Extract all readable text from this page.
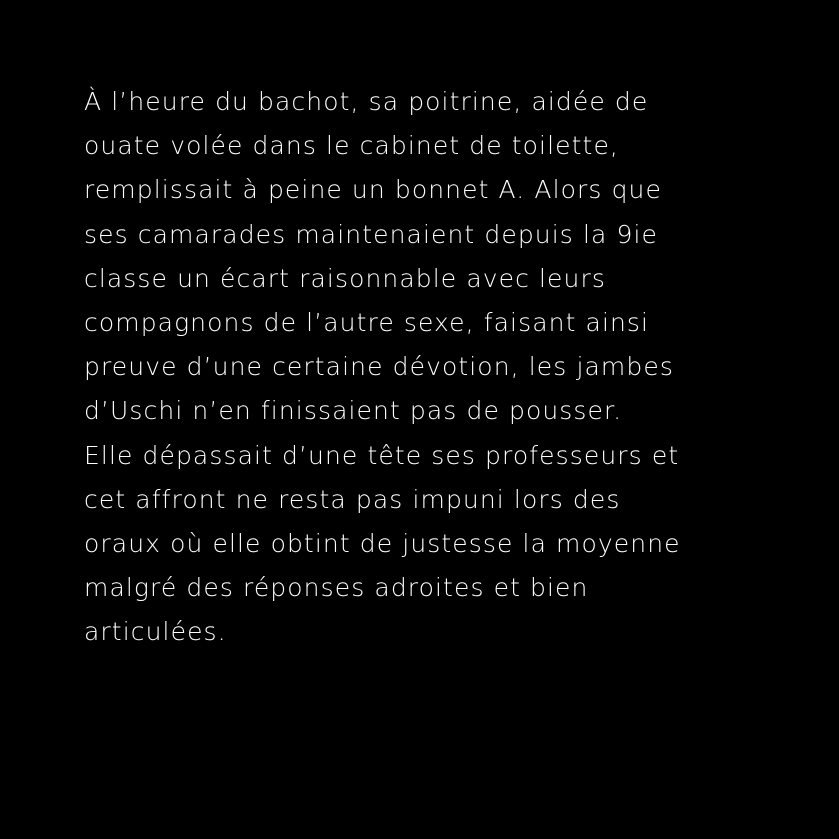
À l’heure du bachot, sa poitrine, aidée de
ouate volée dans le cabinet de toilette,
remplissait à peine un bonnet A. Alors que
ses camarades maintenaient depuis la 9ie
classe un écart raisonnable avec leurs
compagnons de l’autre sexe, faisant ainsi
preuve d’une certaine dévotion, les jambes
d’Uschi n’en finissaient pas de pousser.
Elle dépassait d’une tête ses professeurs et
cet affront ne resta pas impuni lors des
oraux où elle obtint de justesse la moyenne
malgré des réponses adroites et bien
articulées.
